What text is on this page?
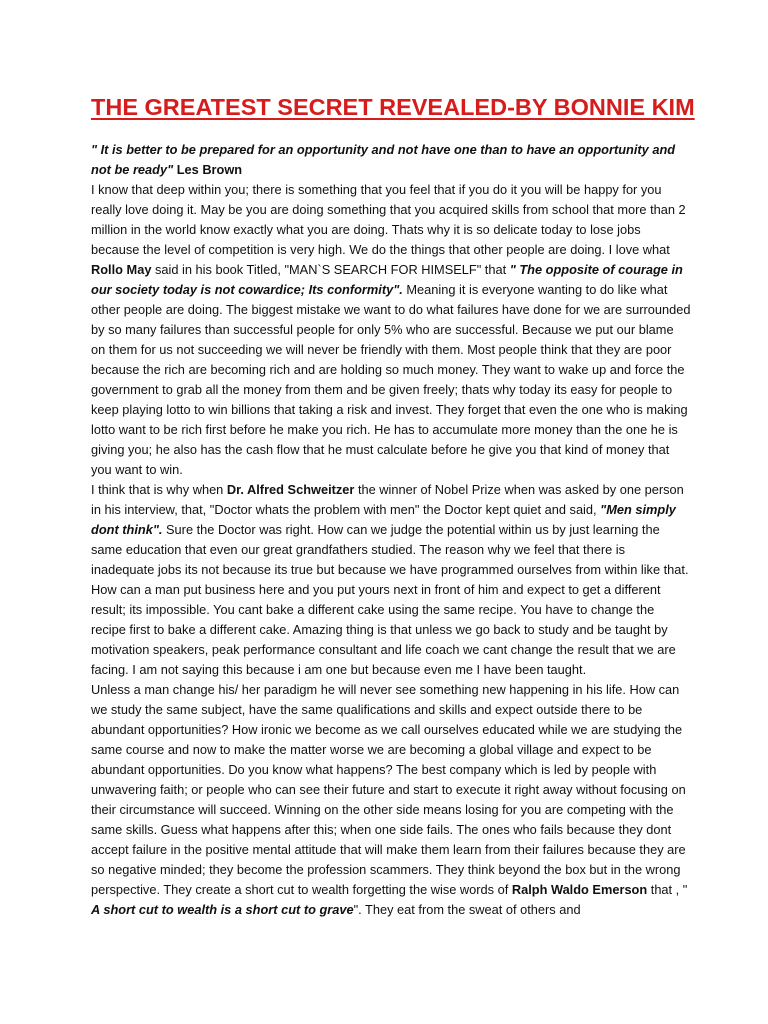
THE GREATEST SECRET REVEALED-BY BONNIE KIM

" It is better to be prepared for an opportunity and not have one than to have an opportunity and not be ready" Les Brown

I know that deep within you; there is something that you feel that if you do it you will be happy for you really love doing it. May be you are doing something that you acquired skills from school that more than 2 million in the world know exactly what you are doing. Thats why it is so delicate today to lose jobs because the level of competition is very high. We do the things that other people are doing. I love what Rollo May said in his book Titled, "MAN`S SEARCH FOR HIMSELF" that " The opposite of courage in our society today is not cowardice; Its conformity". Meaning it is everyone wanting to do like what other people are doing. The biggest mistake we want to do what failures have done for we are surrounded by so many failures than successful people for only 5% who are successful. Because we put our blame on them for us not succeeding we will never be friendly with them. Most people think that they are poor because the rich are becoming rich and are holding so much money. They want to wake up and force the government to grab all the money from them and be given freely; thats why today its easy for people to keep playing lotto to win billions that taking a risk and invest. They forget that even the one who is making lotto want to be rich first before he make you rich. He has to accumulate more money than the one he is giving you; he also has the cash flow that he must calculate before he give you that kind of money that you want to win.

I think that is why when Dr. Alfred Schweitzer the winner of Nobel Prize when was asked by one person in his interview, that, "Doctor whats the problem with men" the Doctor kept quiet and said, "Men simply dont think". Sure the Doctor was right. How can we judge the potential within us by just learning the same education that even our great grandfathers studied. The reason why we feel that there is inadequate jobs its not because its true but because we have programmed ourselves from within like that. How can a man put business here and you put yours next in front of him and expect to get a different result; its impossible. You cant bake a different cake using the same recipe. You have to change the recipe first to bake a different cake. Amazing thing is that unless we go back to study and be taught by motivation speakers, peak performance consultant and life coach we cant change the result that we are facing. I am not saying this because i am one but because even me I have been taught.

Unless a man change his/ her paradigm he will never see something new happening in his life. How can we study the same subject, have the same qualifications and skills and expect outside there to be abundant opportunities? How ironic we become as we call ourselves educated while we are studying the same course and now to make the matter worse we are becoming a global village and expect to be abundant opportunities. Do you know what happens? The best company which is led by people with unwavering faith; or people who can see their future and start to execute it right away without focusing on their circumstance will succeed. Winning on the other side means losing for you are competing with the same skills. Guess what happens after this; when one side fails. The ones who fails because they dont accept failure in the positive mental attitude that will make them learn from their failures because they are so negative minded; they become the profession scammers. They think beyond the box but in the wrong perspective. They create a short cut to wealth forgetting the wise words of Ralph Waldo Emerson that , " A short cut to wealth is a short cut to grave". They eat from the sweat of others and
